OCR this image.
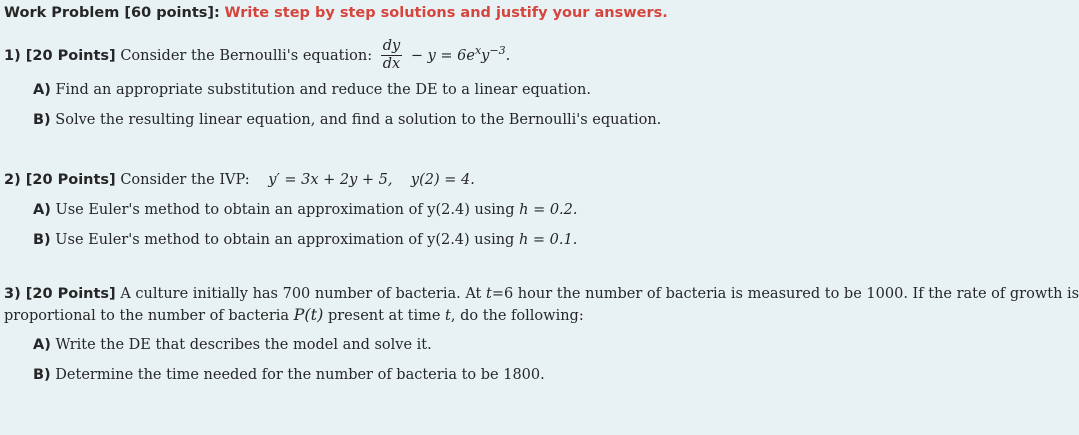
Work Problem [60 points]: Write step by step solutions and justify your answers.
1) [20 Points] Consider the Bernoulli's equation: $\frac{dy}{dx} - y = 6e^xy^{-3}$.
A) Find an appropriate substitution and reduce the DE to a linear equation.
B) Solve the resulting linear equation, and find a solution to the Bernoulli's equation.
2) [20 Points] Consider the IVP: y′ = 3x + 2y + 5,    y(2) = 4.
A) Use Euler's method to obtain an approximation of y(2.4) using h = 0.2.
B) Use Euler's method to obtain an approximation of y(2.4) using h = 0.1.
3) [20 Points] A culture initially has 700 number of bacteria. At t=6 hour the number of bacteria is measured to be 1000. If the rate of growth is
proportional to the number of bacteria P(t) present at time t, do the following:
A) Write the DE that describes the model and solve it.
B) Determine the time needed for the number of bacteria to be 1800.
